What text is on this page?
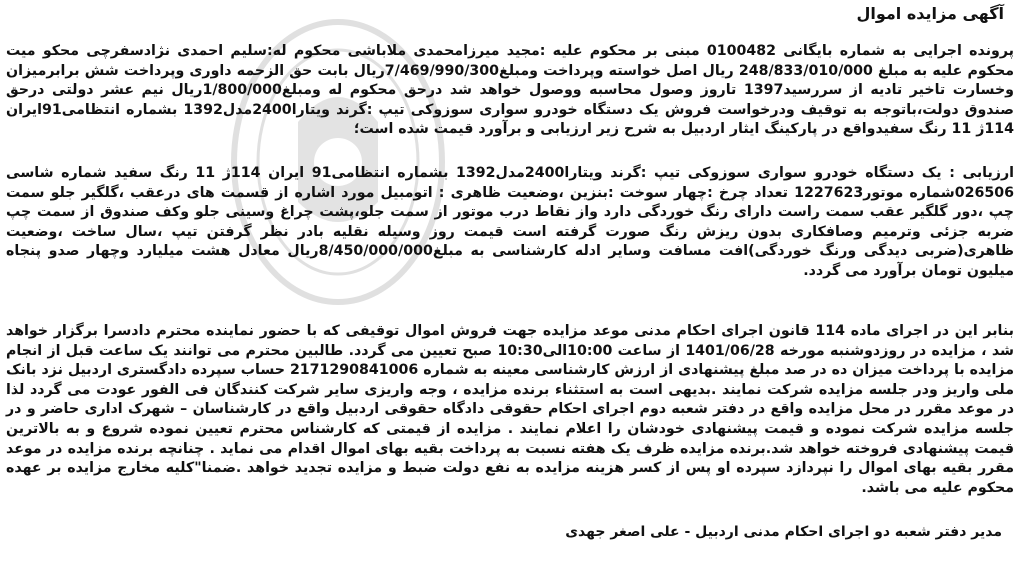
آگهی مزایده اموال
پرونده اجرایی به شماره بایگانی 0100482 مبنی بر محکوم علیه :مجید میرزامحمدی ملاباشی محکوم له:سلیم احمدی نژادسفرچی محکو میت محکوم علیه به مبلغ 248/833/010/000 ریال اصل خواسته وپرداخت ومبلغ7/469/990/300ریال بابت حق الزحمه داوری وپرداخت شش برابرمیزان وخسارت تاخیر تادیه از سررسید1397 تاروز وصول محاسبه ووصول خواهد شد درحق محکوم له ومبلغ1/800/000ریال نیم عشر دولتی درحق صندوق دولت،باتوجه به توقیف ودرخواست فروش یک دستگاه خودرو سواری سوزوکی تیپ :گرند ویتارا2400مدل1392 بشماره انتظامی91ایران 114ژ 11 رنگ سفیدواقع در پارکینگ ایثار اردبیل به شرح زیر ارزیابی و برآورد قیمت شده است؛
ارزیابی : یک دستگاه خودرو سواری سوزوکی تیپ :گرند ویتارا2400مدل1392 بشماره انتظامی91 ایران 114ژ 11 رنگ سفید شماره شاسی 026506شماره موتور1227623 تعداد چرخ :چهار سوخت :بنزین ،وضعیت ظاهری : اتومبیل مورد اشاره از قسمت های درعقب ،گلگیر جلو سمت چپ ،دور گلگیر عقب سمت راست دارای رنگ خوردگی دارد واز نقاط درب موتور از سمت جلو،پشت چراغ وسینی جلو وکف صندوق از سمت چپ ضربه جزئی وترمیم وصافکاری بدون ریزش رنگ صورت گرفته است قیمت روز وسیله نقلیه بادر نظر گرفتن تیپ ،سال ساخت ،وضعیت ظاهری(ضربی دیدگی ورنگ خوردگی)افت مسافت وسایر ادله کارشناسی به مبلغ8/450/000/000ریال معادل هشت میلیارد وچهار صدو پنجاه میلیون تومان برآورد می گردد.
بنابر این در اجرای ماده 114 قانون اجرای احکام مدنی موعد مزایده جهت فروش اموال توقیفی که با حضور نماینده محترم دادسرا برگزار خواهد شد ، مزایده در روزدوشنبه مورخه 1401/06/28 از ساعت 10:00الی10:30 صبح تعیین می گردد. طالبین محترم می توانند یک ساعت قبل از انجام مزایده با پرداخت میزان ده در صد مبلغ پیشنهادی از ارزش کارشناسی معینه به شماره 2171290841006 حساب سپرده دادگستری اردبیل نزد بانک ملی واریز ودر جلسه مزایده شرکت نمایند .بدیهی است به استثناء برنده مزایده ، وجه واریزی سایر شرکت کنندگان فی الفور عودت می گردد لذا در موعد مقرر در محل مزایده واقع در دفتر شعبه دوم اجرای احکام حقوقی دادگاه حقوقی اردبیل واقع در کارشناسان – شهرک اداری حاضر و در جلسه مزایده شرکت نموده و قیمت پیشنهادی خودشان را اعلام نمایند . مزایده از قیمتی که کارشناس محترم تعیین نموده شروع و به بالاترین قیمت پیشنهادی فروخته خواهد شد.برنده مزایده ظرف یک هفته نسبت به پرداخت بقیه بهای اموال اقدام می نماید . چنانچه برنده مزایده در موعد مقرر بقیه بهای اموال را نپردازد سپرده او پس از کسر هزینه مزایده به نفع دولت ضبط و مزایده تجدید خواهد .ضمنا"کلیه مخارج مزایده بر عهده محکوم علیه می باشد.
مدیر دفتر شعبه دو اجرای احکام مدنی اردبیل - علی اصغر جهدی
